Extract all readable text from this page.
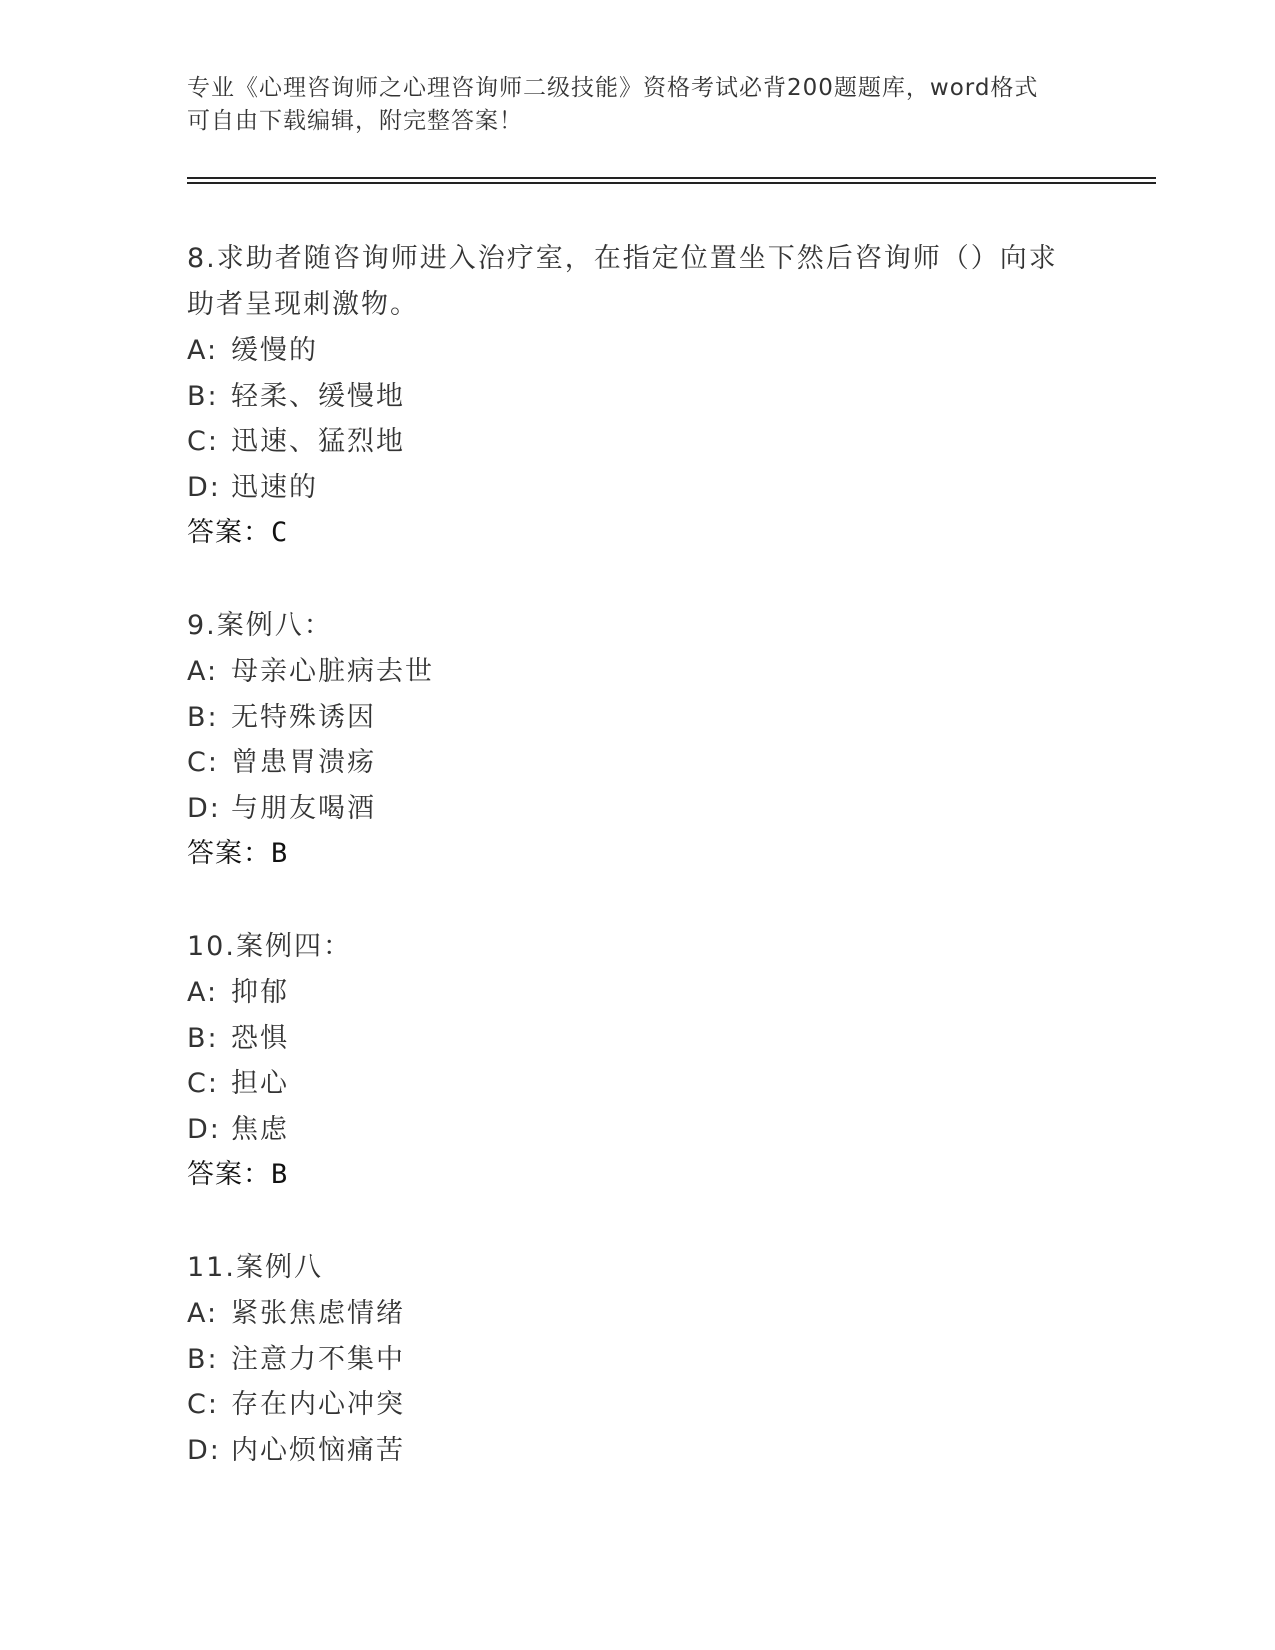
专业《心理咨询师之心理咨询师二级技能》资格考试必背200题题库，word格式
可自由下载编辑，附完整答案！
8.求助者随咨询师进入治疗室，在指定位置坐下然后咨询师（）向求
助者呈现刺激物。
A: 缓慢的
B: 轻柔、缓慢地
C: 迅速、猛烈地
D: 迅速的
答案：C
9.案例八：
A: 母亲心脏病去世
B: 无特殊诱因
C: 曾患胃溃疡
D: 与朋友喝酒
答案：B
10.案例四：
A: 抑郁
B: 恐惧
C: 担心
D: 焦虑
答案：B
11.案例八
A: 紧张焦虑情绪
B: 注意力不集中
C: 存在内心冲突
D: 内心烦恼痛苦
